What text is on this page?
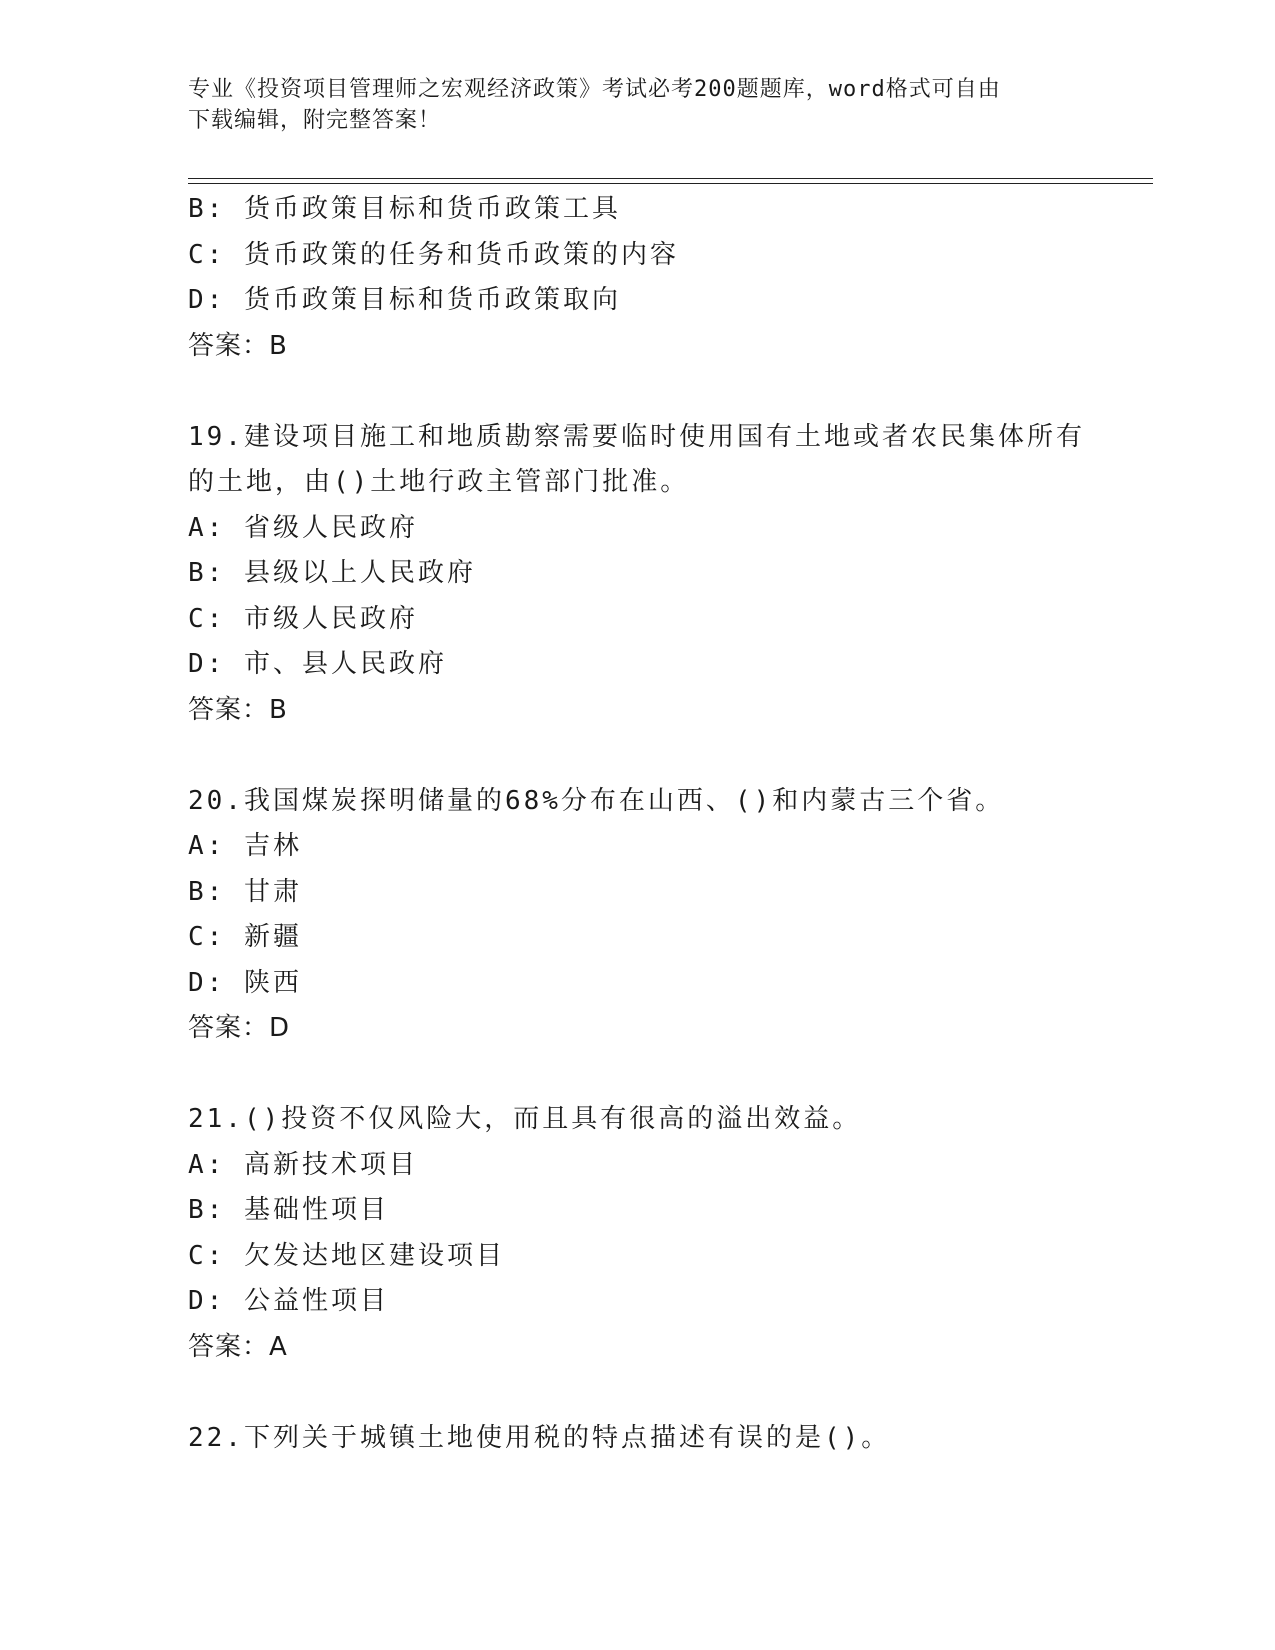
专业《投资项目管理师之宏观经济政策》考试必考200题题库，word格式可自由
下载编辑，附完整答案！
B: 货币政策目标和货币政策工具
C: 货币政策的任务和货币政策的内容
D: 货币政策目标和货币政策取向
答案：B
19.建设项目施工和地质勘察需要临时使用国有土地或者农民集体所有
的土地，由()土地行政主管部门批准。
A: 省级人民政府
B: 县级以上人民政府
C: 市级人民政府
D: 市、县人民政府
答案：B
20.我国煤炭探明储量的68%分布在山西、()和内蒙古三个省。
A: 吉林
B: 甘肃
C: 新疆
D: 陕西
答案：D
21.()投资不仅风险大，而且具有很高的溢出效益。
A: 高新技术项目
B: 基础性项目
C: 欠发达地区建设项目
D: 公益性项目
答案：A
22.下列关于城镇土地使用税的特点描述有误的是()。
